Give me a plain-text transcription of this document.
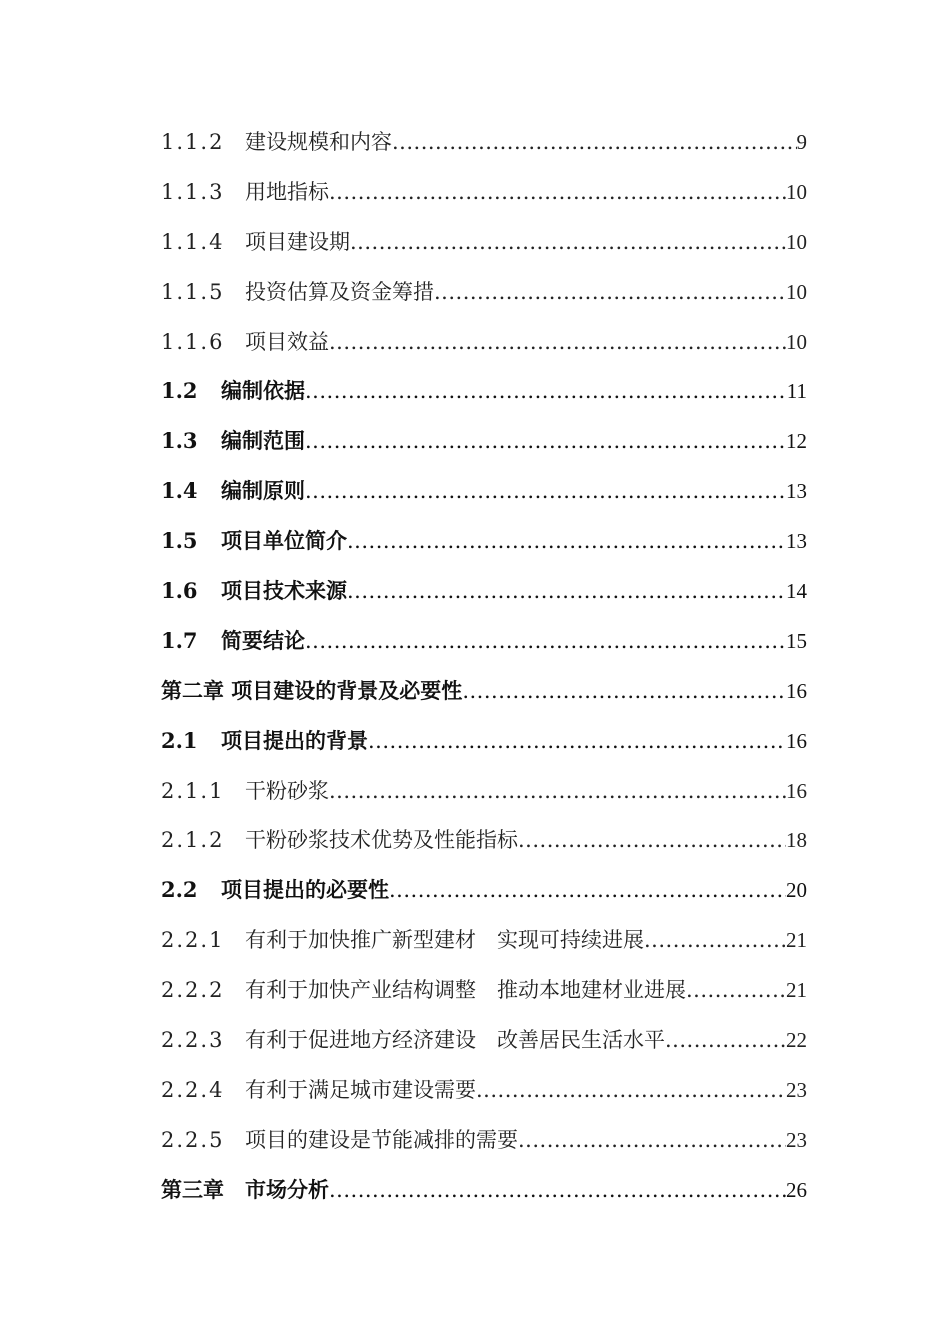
1.1.2 建设规模和内容 .....	9
1.1.3 用地指标 .....	10
1.1.4 项目建设期 .....	10
1.1.5 投资估算及资金筹措 .....	10
1.1.6 项目效益 .....	10
1.2	编制依据 .....	11
1.3	编制范围 .....	12
1.4	编制原则 .....	13
1.5	项目单位简介 .....	13
1.6	项目技术来源 .....	14
1.7	简要结论 .....	15
第二章 项目建设的背景及必要性 .....	16
2.1	项目提出的背景 .....	16
2.1.1 干粉砂浆 .....	16
2.1.2 干粉砂浆技术优势及性能指标 .....	18
2.2	项目提出的必要性 .....	20
2.2.1 有利于加快推广新型建材　实现可持续进展 .....	21
2.2.2 有利于加快产业结构调整　推动本地建材业进展 .....	21
2.2.3 有利于促进地方经济建设　改善居民生活水平 .....	22
2.2.4 有利于满足城市建设需要 .....	23
2.2.5 项目的建设是节能减排的需要 .....	23
第三章　市场分析 .....	26
